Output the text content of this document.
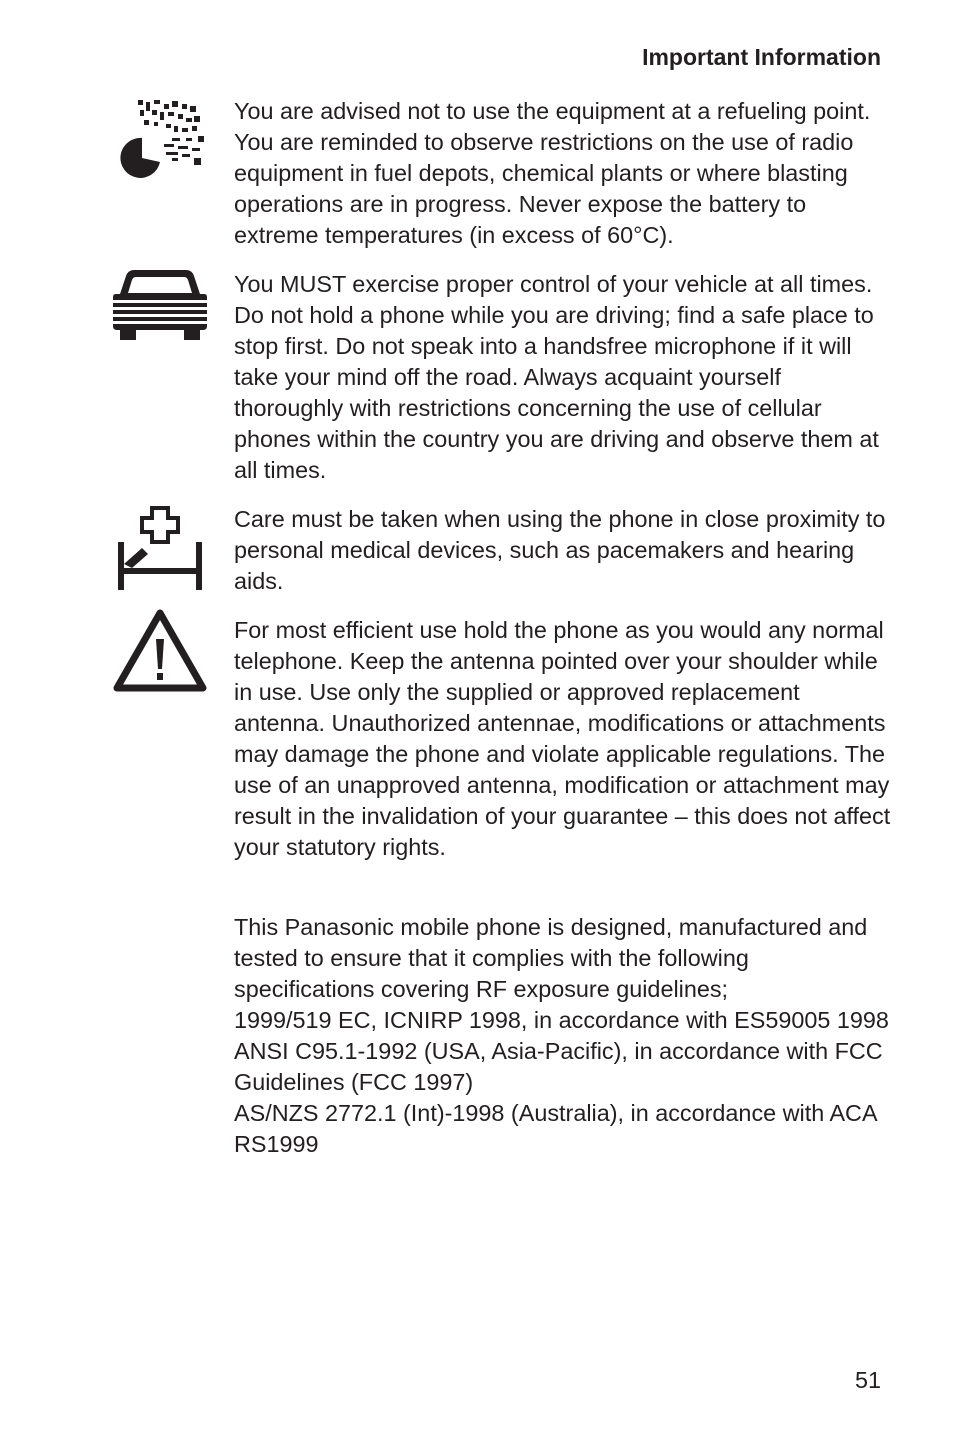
Important Information

You are advised not to use the equipment at a refueling point. You are reminded to observe restrictions on the use of radio equipment in fuel depots, chemical plants or where blasting operations are in progress. Never expose the battery to extreme temperatures (in excess of 60°C).

You MUST exercise proper control of your vehicle at all times. Do not hold a phone while you are driving; find a safe place to stop first. Do not speak into a handsfree microphone if it will take your mind off the road. Always acquaint yourself thoroughly with restrictions concerning the use of cellular phones within the country you are driving and observe them at all times.

Care must be taken when using the phone in close proximity to personal medical devices, such as pacemakers and hearing aids.

For most efficient use hold the phone as you would any normal telephone. Keep the antenna pointed over your shoulder while in use. Use only the supplied or approved replacement antenna. Unauthorized antennae, modifications or attachments may damage the phone and violate applicable regulations. The use of an unapproved antenna, modification or attachment may result in the invalidation of your guarantee – this does not affect your statutory rights.

This Panasonic mobile phone is designed, manufactured and tested to ensure that it complies with the following specifications covering RF exposure guidelines;

1999/519 EC, ICNIRP 1998, in accordance with ES59005 1998
ANSI C95.1-1992 (USA, Asia-Pacific), in accordance with FCC Guidelines (FCC 1997)
AS/NZS 2772.1 (Int)-1998 (Australia), in accordance with ACA RS1999
51
